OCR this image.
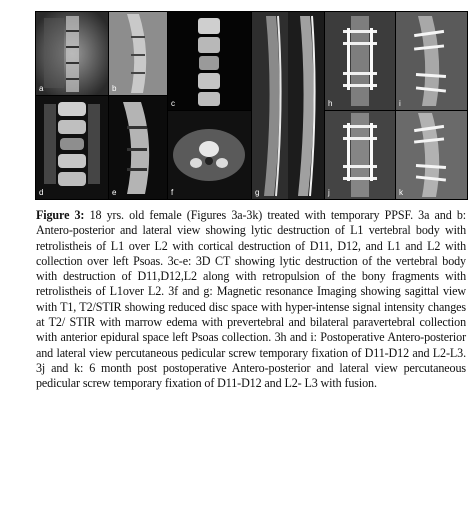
a	b
c
f	g
h	i
d	e	j	k

Figure 3: 18 yrs. old female (Figures 3a-3k) treated with temporary PPSF. 3a and b: Antero-posterior and lateral view showing lytic destruction of L1 vertebral body with retrolistheis of L1 over L2 with cortical destruction of D11, D12, and L1 and L2 with collection over left Psoas. 3c-e: 3D CT showing lytic destruction of the vertebral body with destruction of D11,D12,L2 along with retropulsion of the bony fragments with retrolistheis of L1over L2. 3f and g: Magnetic resonance Imaging showing sagittal view with T1, T2/STIR showing reduced disc space with hyper-intense signal intensity changes at T2/ STIR with marrow edema with prevertebral and bilateral paravertebral collection with anterior epidural space left Psoas collection. 3h and i: Postoperative Antero-posterior and lateral view percutaneous pedicular screw temporary fixation of D11-D12 and L2-L3. 3j and k: 6 month post postoperative Antero-posterior and lateral view percutaneous pedicular screw temporary fixation of D11-D12 and L2- L3 with fusion.
